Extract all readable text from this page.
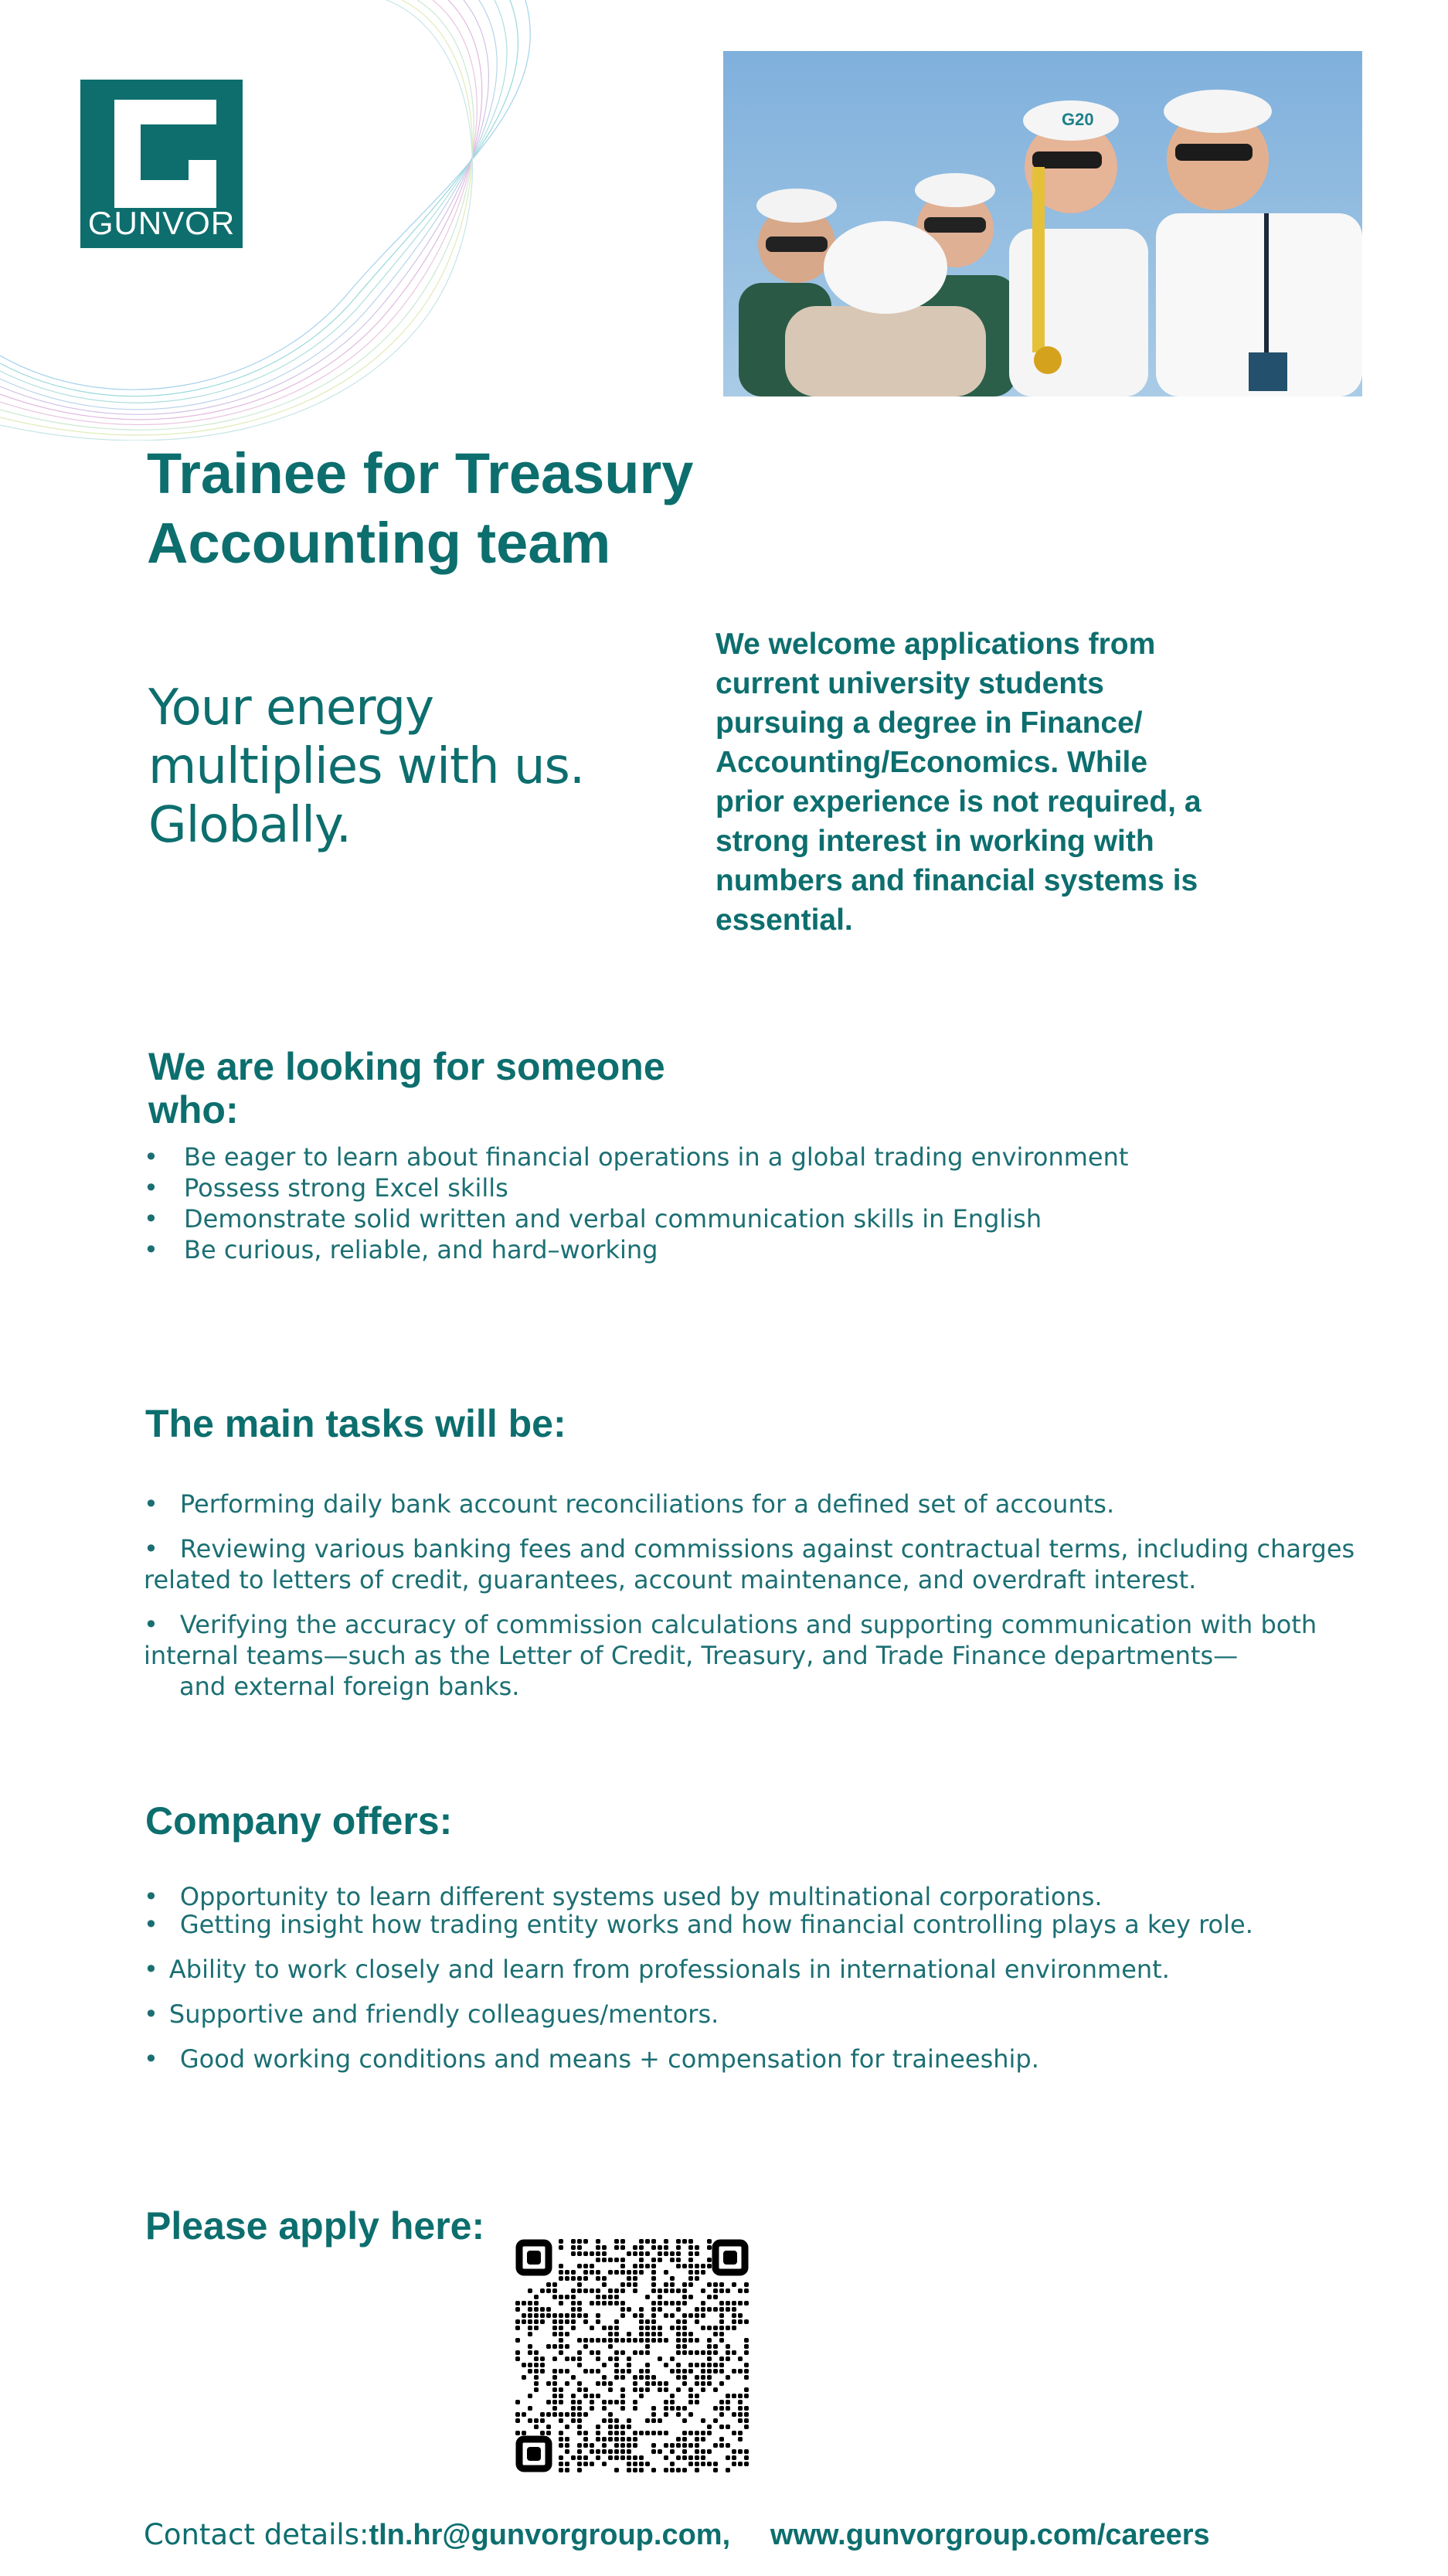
GUNVOR
G20
Trainee for Treasury
Accounting team
Your energy
multiplies with us.
Globally.

We welcome applications from
current university students
pursuing a degree in Finance/
Accounting/Economics. While
prior experience is not required, a
strong interest in working with
numbers and financial systems is
essential.

We are looking for someone
who:
• Be eager to learn about financial operations in a global trading environment
• Possess strong Excel skills
• Demonstrate solid written and verbal communication skills in English
• Be curious, reliable, and hard–working
The main tasks will be:

• Performing daily bank account reconciliations for a defined set of accounts.

• Reviewing various banking fees and commissions against contractual terms, including charges
related to letters of credit, guarantees, account maintenance, and overdraft interest.

• Verifying the accuracy of commission calculations and supporting communication with both
internal teams—such as the Letter of Credit, Treasury, and Trade Finance departments—
and external foreign banks.

Company offers:

• Opportunity to learn different systems used by multinational corporations.
• Getting insight how trading entity works and how financial controlling plays a key role.

• Ability to work closely and learn from professionals in international environment.

• Supportive and friendly colleagues/mentors.

• Good working conditions and means + compensation for traineeship.

Please apply here:
Contact details:tln.hr@gunvorgroup.com, www.gunvorgroup.com/careers
